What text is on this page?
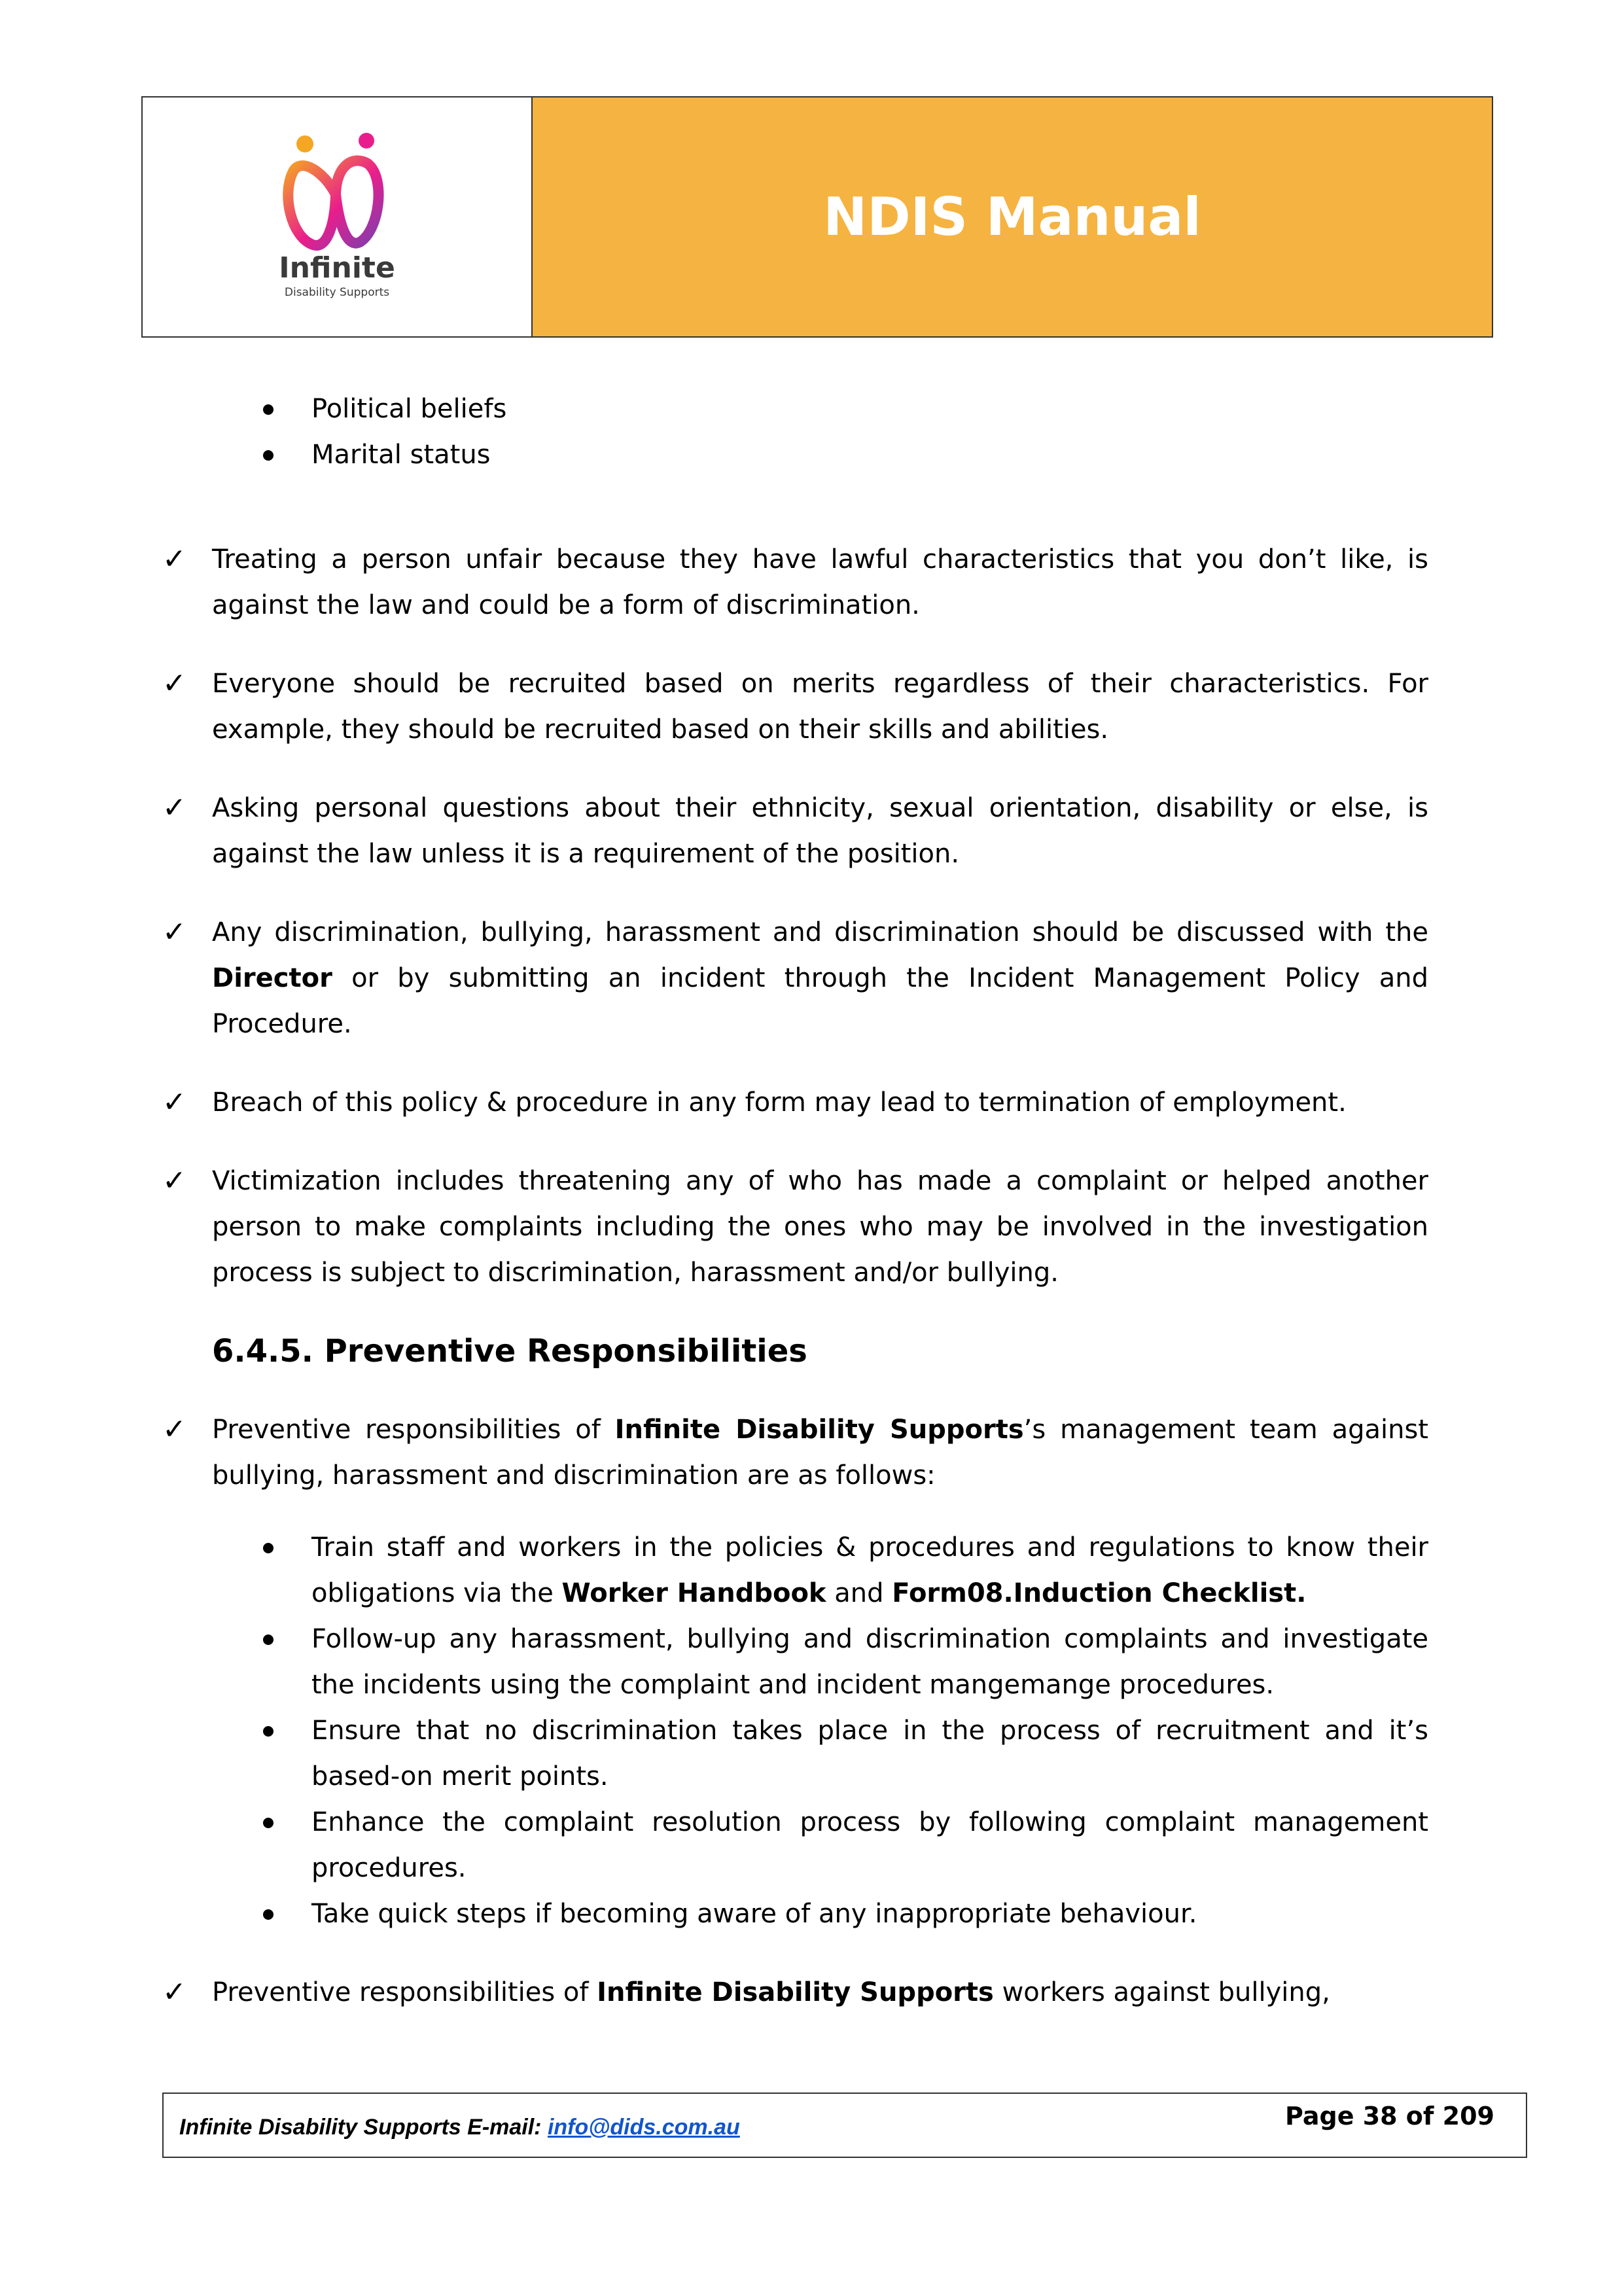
Infinite
Disability Supports
NDIS Manual
Political beliefs
Marital status
✓ Treating a person unfair because they have lawful characteristics that you don’t like, is against the law and could be a form of discrimination.
✓ Everyone should be recruited based on merits regardless of their characteristics. For example, they should be recruited based on their skills and abilities.
✓ Asking personal questions about their ethnicity, sexual orientation, disability or else, is against the law unless it is a requirement of the position.
✓ Any discrimination, bullying, harassment and discrimination should be discussed with the Director or by submitting an incident through the Incident Management Policy and Procedure.
✓ Breach of this policy & procedure in any form may lead to termination of employment.
✓ Victimization includes threatening any of who has made a complaint or helped another person to make complaints including the ones who may be involved in the investigation process is subject to discrimination, harassment and/or bullying.
6.4.5. Preventive Responsibilities
✓ Preventive responsibilities of Infinite Disability Supports’s management team against bullying, harassment and discrimination are as follows:
Train staff and workers in the policies & procedures and regulations to know their obligations via the Worker Handbook and Form08.Induction Checklist.
Follow-up any harassment, bullying and discrimination complaints and investigate the incidents using the complaint and incident mangemange procedures.
Ensure that no discrimination takes place in the process of recruitment and it’s based-on merit points.
Enhance the complaint resolution process by following complaint management procedures.
Take quick steps if becoming aware of any inappropriate behaviour.
✓ Preventive responsibilities of Infinite Disability Supports workers against bullying,
Infinite Disability Supports E-mail: info@dids.com.au	Page 38 of 209
